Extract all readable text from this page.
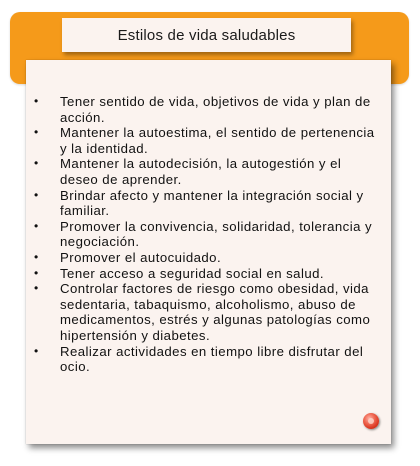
Estilos de vida saludables
• Tener sentido de vida, objetivos de vida y plan de acción.
• Mantener la autoestima, el sentido de pertenencia y la identidad.
• Mantener la autodecisión, la autogestión y el deseo de aprender.
• Brindar afecto y mantener la integración social y familiar.
• Promover la convivencia, solidaridad, tolerancia y negociación.
• Promover el autocuidado.
• Tener acceso a seguridad social en salud.
• Controlar factores de riesgo como obesidad, vida sedentaria, tabaquismo, alcoholismo, abuso de medicamentos, estrés y algunas patologías como hipertensión y diabetes.
• Realizar actividades en tiempo libre disfrutar del ocio.
